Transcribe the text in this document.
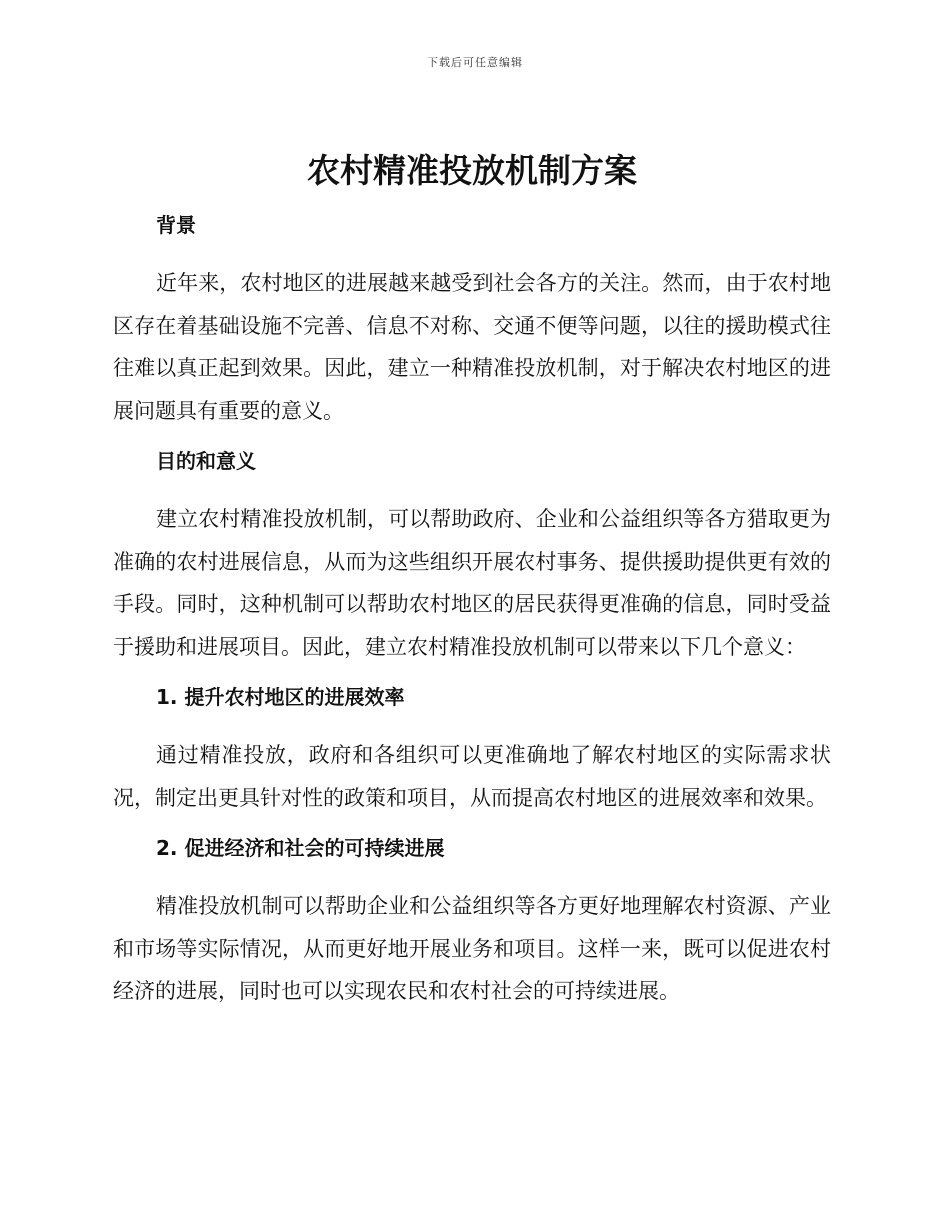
下载后可任意编辑
农村精准投放机制方案
背景

近年来，农村地区的进展越来越受到社会各方的关注。然而，由于农村地区存在着基础设施不完善、信息不对称、交通不便等问题，以往的援助模式往往难以真正起到效果。因此，建立一种精准投放机制，对于解决农村地区的进展问题具有重要的意义。

目的和意义

建立农村精准投放机制，可以帮助政府、企业和公益组织等各方猎取更为准确的农村进展信息，从而为这些组织开展农村事务、提供援助提供更有效的手段。同时，这种机制可以帮助农村地区的居民获得更准确的信息，同时受益于援助和进展项目。因此，建立农村精准投放机制可以带来以下几个意义：

1. 提升农村地区的进展效率

通过精准投放，政府和各组织可以更准确地了解农村地区的实际需求状况，制定出更具针对性的政策和项目，从而提高农村地区的进展效率和效果。

2. 促进经济和社会的可持续进展

精准投放机制可以帮助企业和公益组织等各方更好地理解农村资源、产业和市场等实际情况，从而更好地开展业务和项目。这样一来，既可以促进农村经济的进展，同时也可以实现农民和农村社会的可持续进展。
